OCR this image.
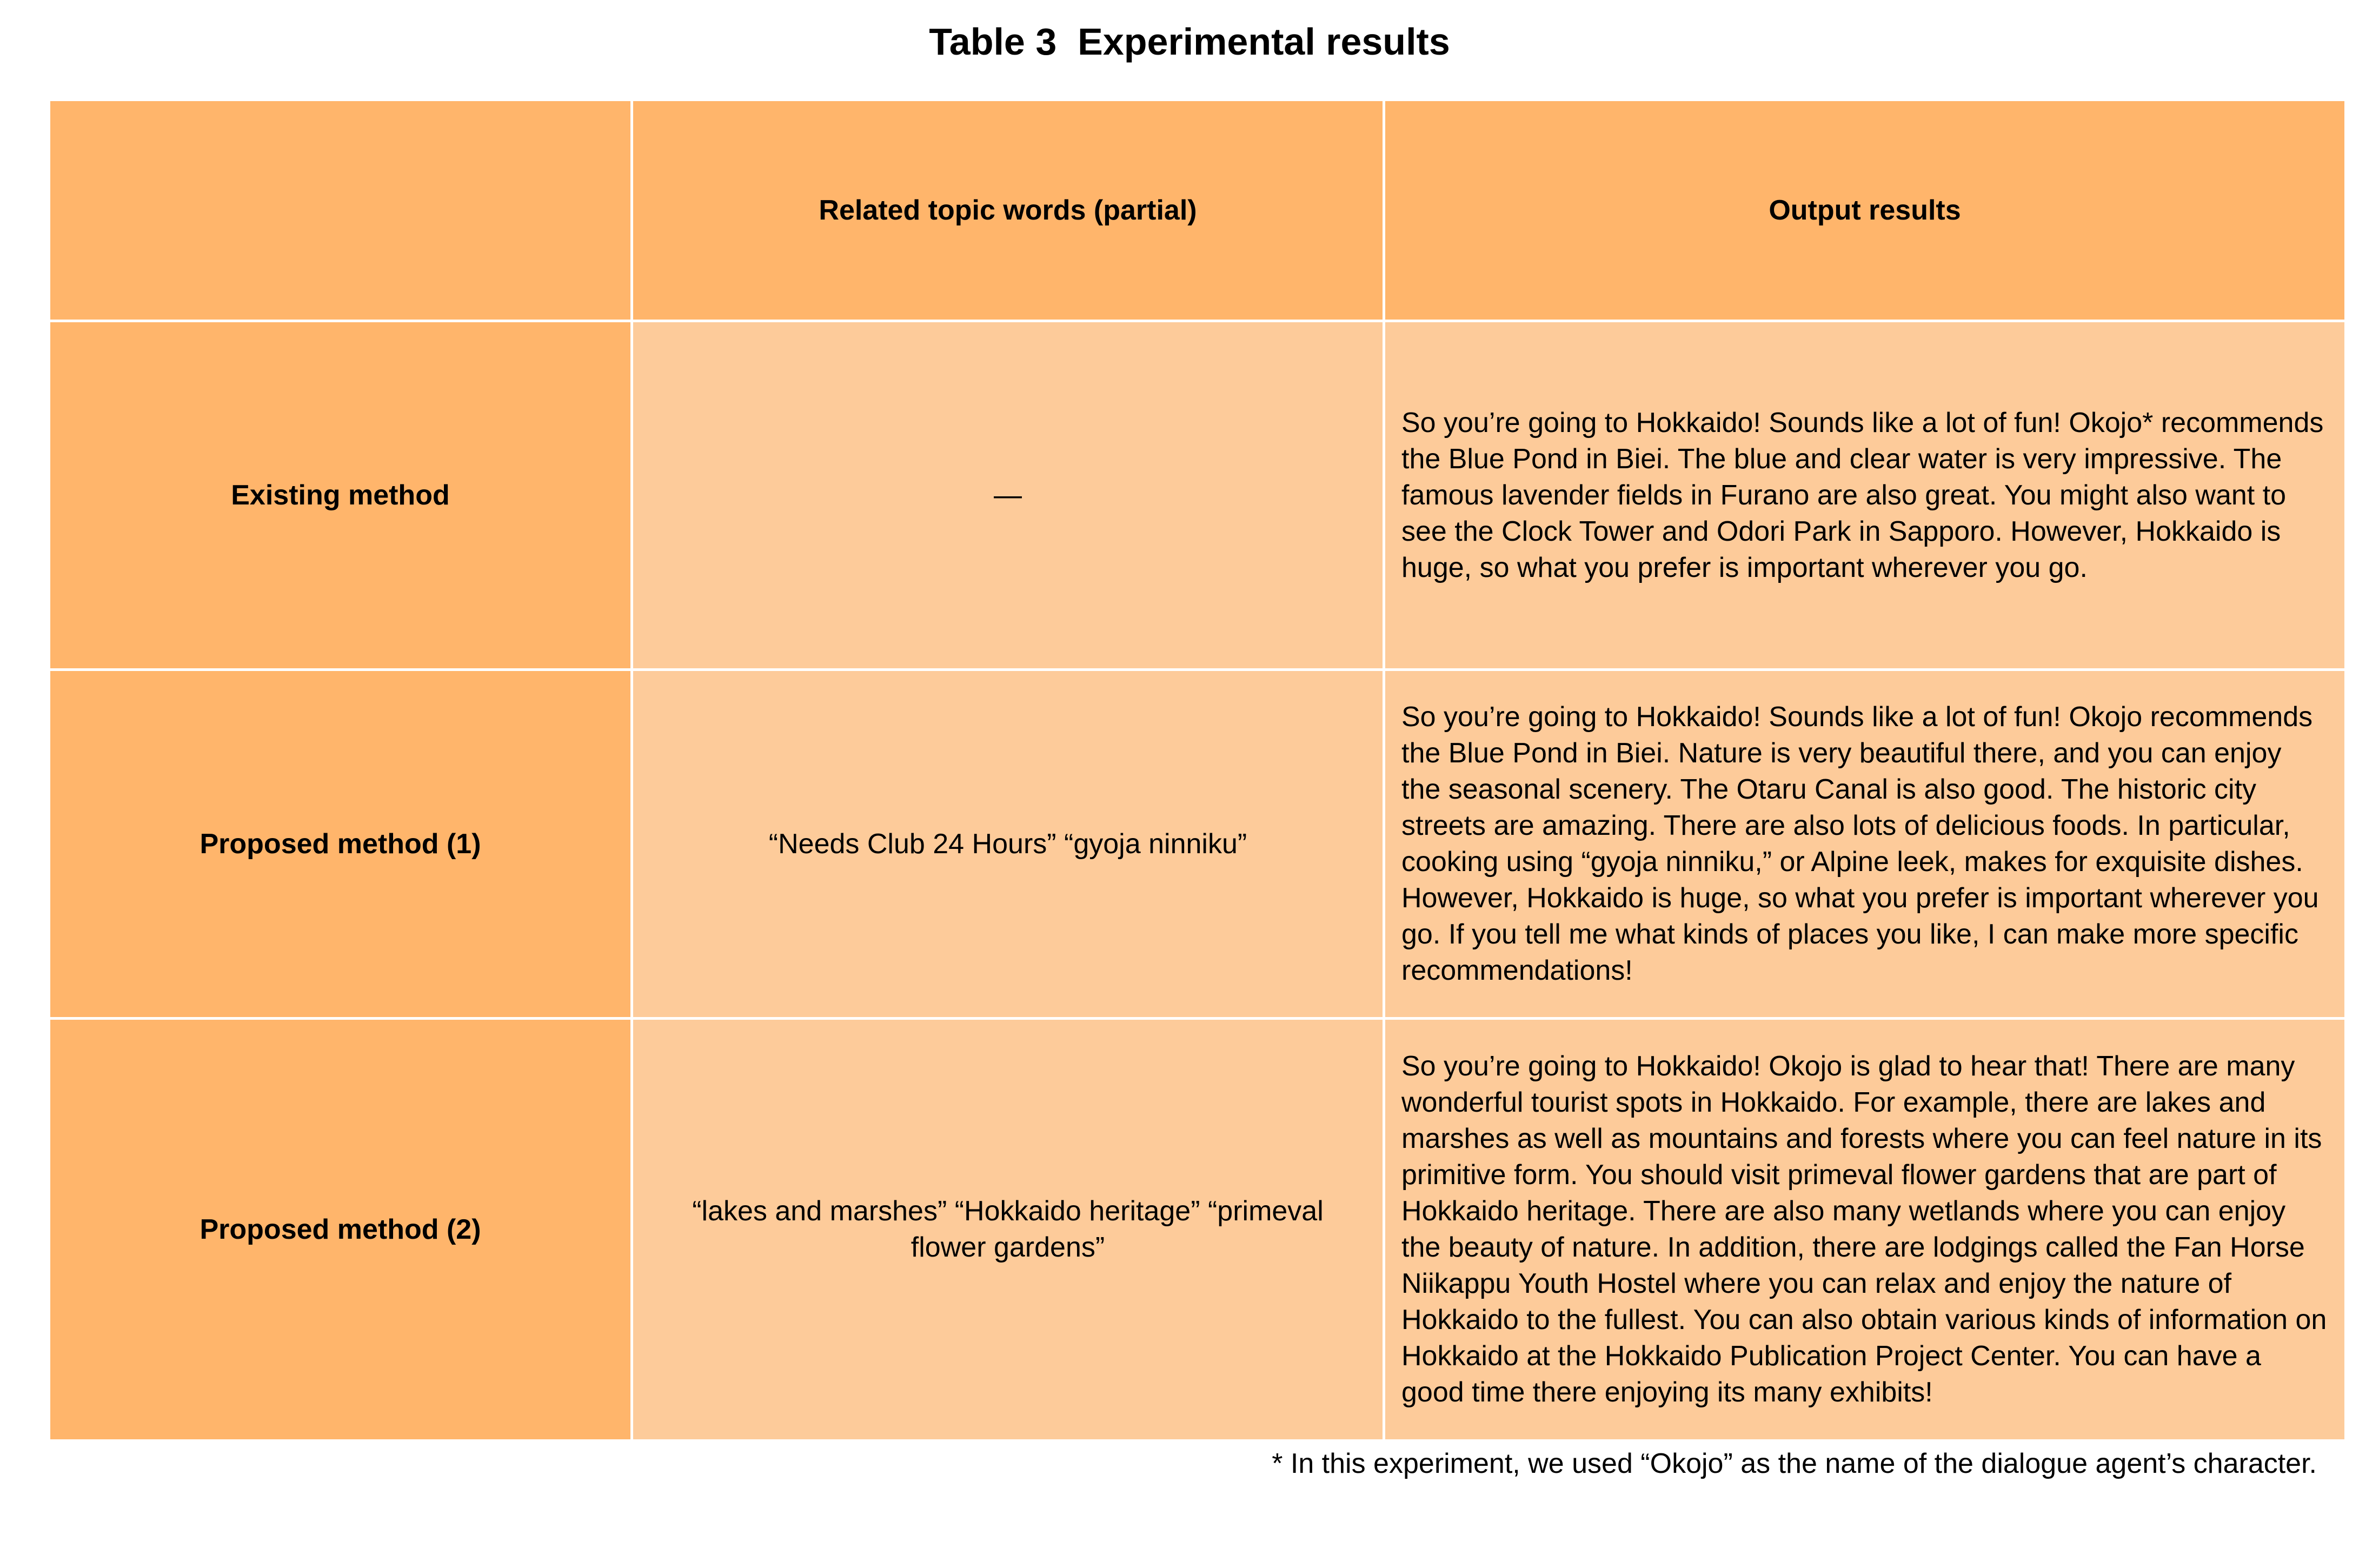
Table 3  Experimental results
	Related topic words (partial)	Output results
Existing method	—	So you’re going to Hokkaido! Sounds like a lot of fun! Okojo* recommends the Blue Pond in Biei. The blue and clear water is very impressive. The famous lavender fields in Furano are also great. You might also want to see the Clock Tower and Odori Park in Sapporo. However, Hokkaido is huge, so what you prefer is important wherever you go.
Proposed method (1)	“Needs Club 24 Hours” “gyoja ninniku”	So you’re going to Hokkaido! Sounds like a lot of fun! Okojo recommends the Blue Pond in Biei. Nature is very beautiful there, and you can enjoy the seasonal scenery. The Otaru Canal is also good. The historic city streets are amazing. There are also lots of delicious foods. In particular, cooking using “gyoja ninniku,” or Alpine leek, makes for exquisite dishes. However, Hokkaido is huge, so what you prefer is important wherever you go. If you tell me what kinds of places you like, I can make more specific recommendations!
Proposed method (2)	“lakes and marshes” “Hokkaido heritage” “primeval flower gardens”	So you’re going to Hokkaido! Okojo is glad to hear that! There are many wonderful tourist spots in Hokkaido. For example, there are lakes and marshes as well as mountains and forests where you can feel nature in its primitive form. You should visit primeval flower gardens that are part of Hokkaido heritage. There are also many wetlands where you can enjoy the beauty of nature. In addition, there are lodgings called the Fan Horse Niikappu Youth Hostel where you can relax and enjoy the nature of Hokkaido to the fullest. You can also obtain various kinds of information on Hokkaido at the Hokkaido Publication Project Center. You can have a good time there enjoying its many exhibits!
* In this experiment, we used “Okojo” as the name of the dialogue agent’s character.
